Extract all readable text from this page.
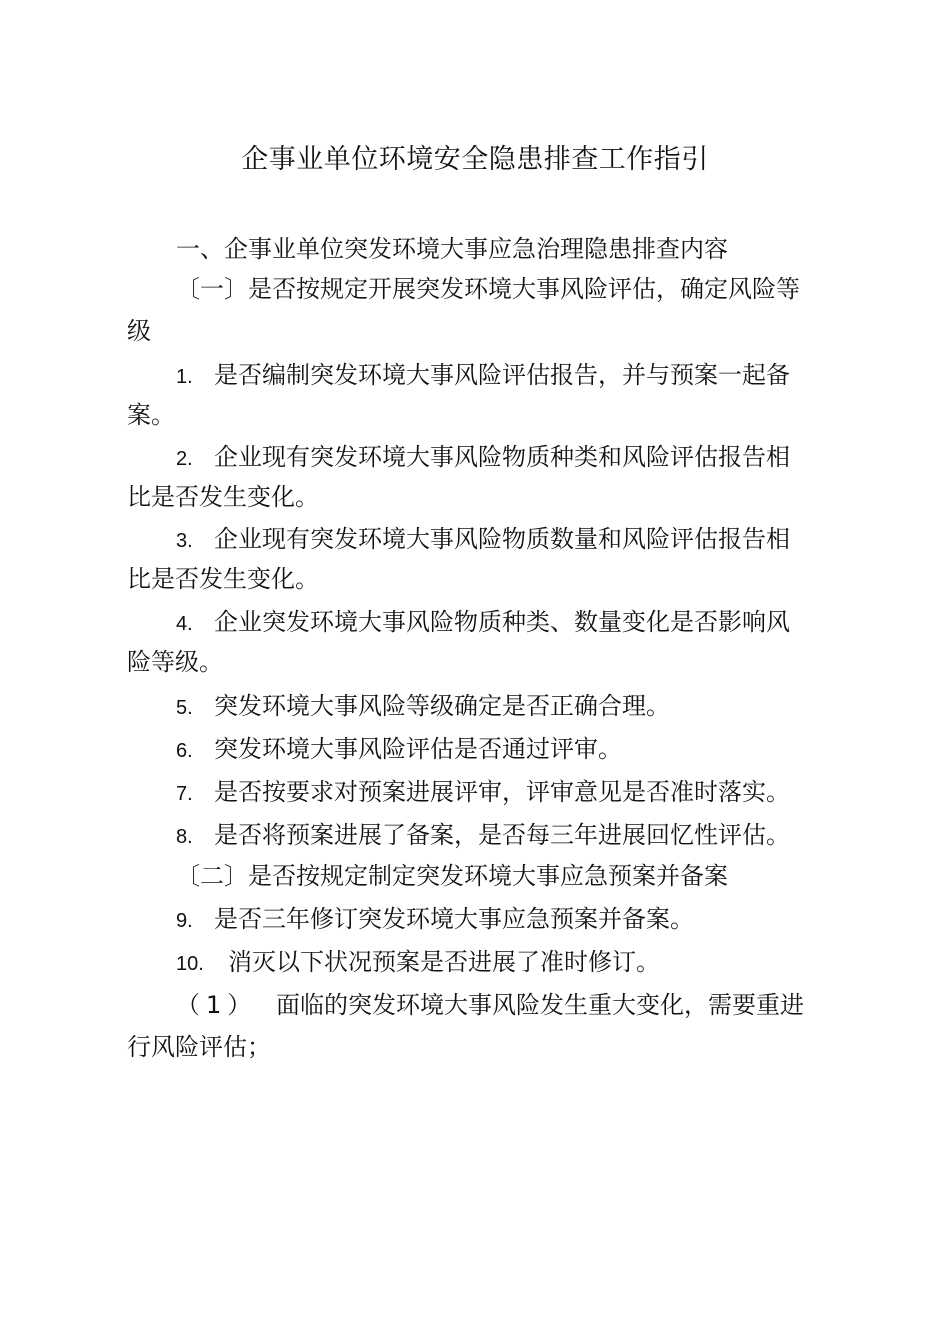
企事业单位环境安全隐患排查工作指引
一、企事业单位突发环境大事应急治理隐患排查内容
〔一〕是否按规定开展突发环境大事风险评估，确定风险等
级
1. 是否编制突发环境大事风险评估报告，并与预案一起备
案。
2. 企业现有突发环境大事风险物质种类和风险评估报告相
比是否发生变化。
3. 企业现有突发环境大事风险物质数量和风险评估报告相
比是否发生变化。
4. 企业突发环境大事风险物质种类、数量变化是否影响风
险等级。
5. 突发环境大事风险等级确定是否正确合理。
6. 突发环境大事风险评估是否通过评审。
7. 是否按要求对预案进展评审，评审意见是否准时落实。
8. 是否将预案进展了备案，是否每三年进展回忆性评估。
〔二〕是否按规定制定突发环境大事应急预案并备案
9. 是否三年修订突发环境大事应急预案并备案。
10. 消灭以下状况预案是否进展了准时修订。
（1） 面临的突发环境大事风险发生重大变化，需要重进
行风险评估；
